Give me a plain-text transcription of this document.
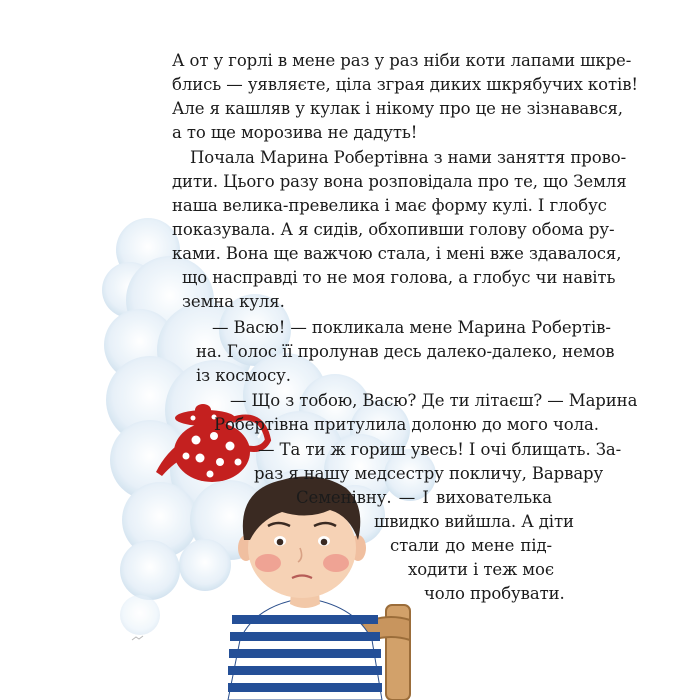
А от у горлі в мене раз у раз ніби коти лапами шкре-
блись — уявляєте, ціла зграя диких шкрябучих котів!
Але я кашляв у кулак і нікому про це не зізнавався,
а то ще морозива не дадуть!
Почала Марина Робертівна з нами заняття прово-
дити. Цього разу вона розповідала про те, що Земля
наша велика-превелика і має форму кулі. І глобус
показувала. А я сидів, обхопивши голову обома ру-
ками. Вона ще важчою стала, і мені вже здавалося,
що насправді то не моя голова, а глобус чи навіть
земна куля.
— Васю! — покликала мене Марина Робертів-
на. Голос її пролунав десь далеко-далеко, немов
із космосу.
— Що з тобою, Васю? Де ти літаєш? — Марина
Робертівна притулила долоню до мого чола.
— Та ти ж гориш увесь! І очі блищать. За-
раз я нашу медсестру покличу, Варвару
Семенівну. — І вихователька
швидко вийшла. А діти
стали до мене під-
ходити і теж моє
чоло пробувати.
